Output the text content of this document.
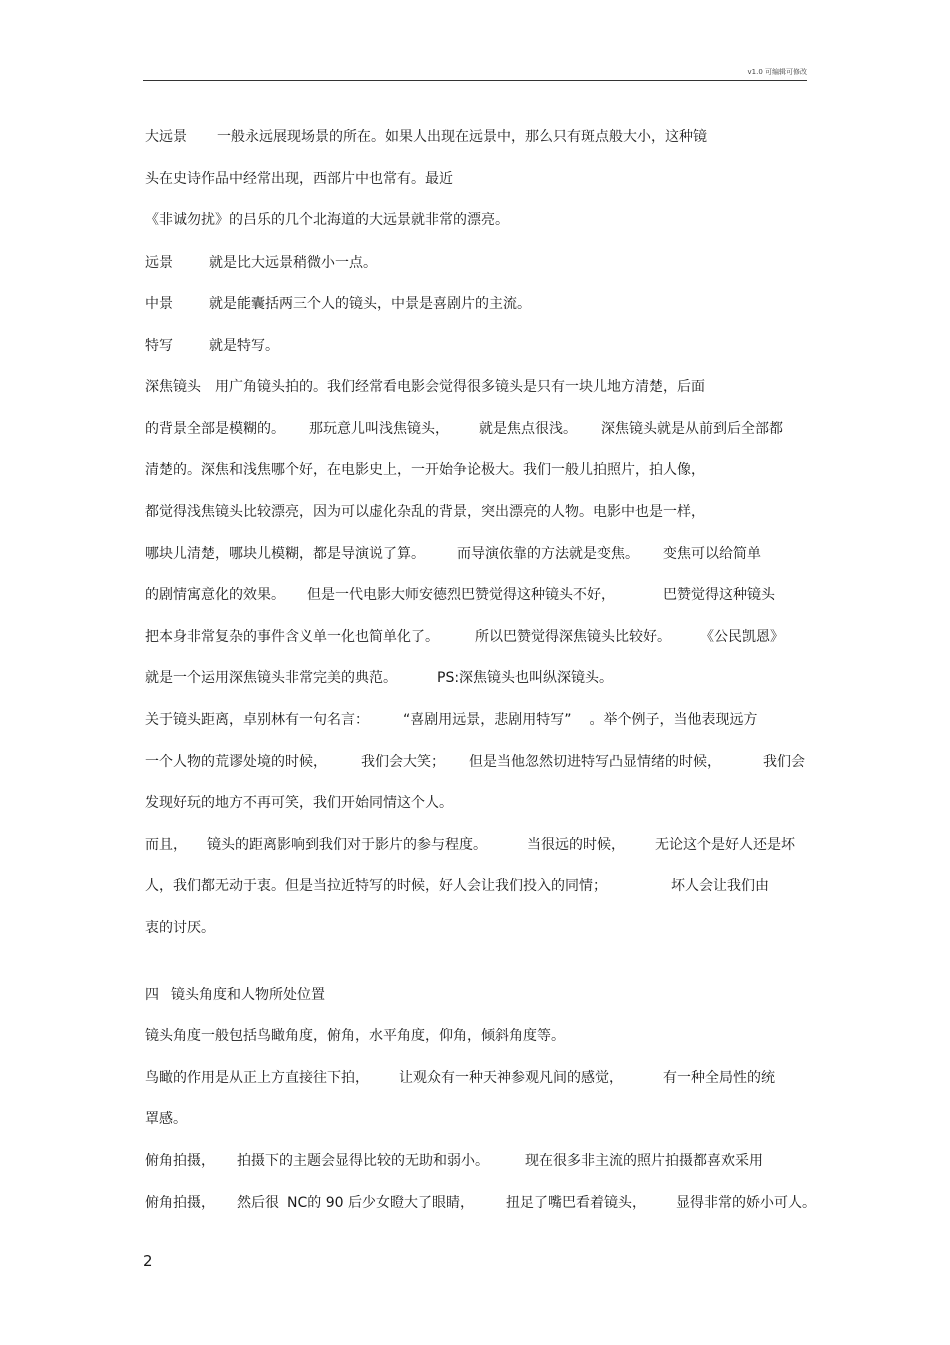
v1.0 可编辑可修改
大远景 一般永远展现场景的所在。如果人出现在远景中，那么只有斑点般大小，这种镜
头在史诗作品中经常出现，西部片中也常有。最近
《非诚勿扰》的吕乐的几个北海道的大远景就非常的漂亮。
远景	就是比大远景稍微小一点。
中景	就是能囊括两三个人的镜头，中景是喜剧片的主流。
特写	就是特写。
深焦镜头 用广角镜头拍的。我们经常看电影会觉得很多镜头是只有一块儿地方清楚，后面
的背景全部是模糊的。 那玩意儿叫浅焦镜头， 就是焦点很浅。 深焦镜头就是从前到后全部都
清楚的。深焦和浅焦哪个好，在电影史上，一开始争论极大。我们一般儿拍照片，拍人像，
都觉得浅焦镜头比较漂亮，因为可以虚化杂乱的背景，突出漂亮的人物。电影中也是一样，
哪块儿清楚，哪块儿模糊，都是导演说了算。 而导演依靠的方法就是变焦。 变焦可以给简单
的剧情寓意化的效果。 但是一代电影大师安德烈巴赞觉得这种镜头不好，	巴赞觉得这种镜头
把本身非常复杂的事件含义单一化也简单化了。	所以巴赞觉得深焦镜头比较好。	《公民凯恩》
就是一个运用深焦镜头非常完美的典范。	PS:深焦镜头也叫纵深镜头。
关于镜头距离，卓别林有一句名言： “喜剧用远景，悲剧用特写” 。举个例子，当他表现远方
一个人物的荒谬处境的时候， 我们会大笑； 但是当他忽然切进特写凸显情绪的时候，	我们会
发现好玩的地方不再可笑，我们开始同情这个人。
而且， 镜头的距离影响到我们对于影片的参与程度。	当很远的时候， 无论这个是好人还是坏
人，我们都无动于衷。但是当拉近特写的时候，好人会让我们投入的同情；	坏人会让我们由
衷的讨厌。
四 镜头角度和人物所处位置
镜头角度一般包括鸟瞰角度，俯角，水平角度，仰角，倾斜角度等。
鸟瞰的作用是从正上方直接往下拍， 让观众有一种天神参观凡间的感觉，	有一种全局性的统
罩感。
俯角拍摄， 拍摄下的主题会显得比较的无助和弱小。	现在很多非主流的照片拍摄都喜欢采用
俯角拍摄， 然后很 NC的 90 后少女瞪大了眼睛， 扭足了嘴巴看着镜头， 显得非常的娇小可人。
2
